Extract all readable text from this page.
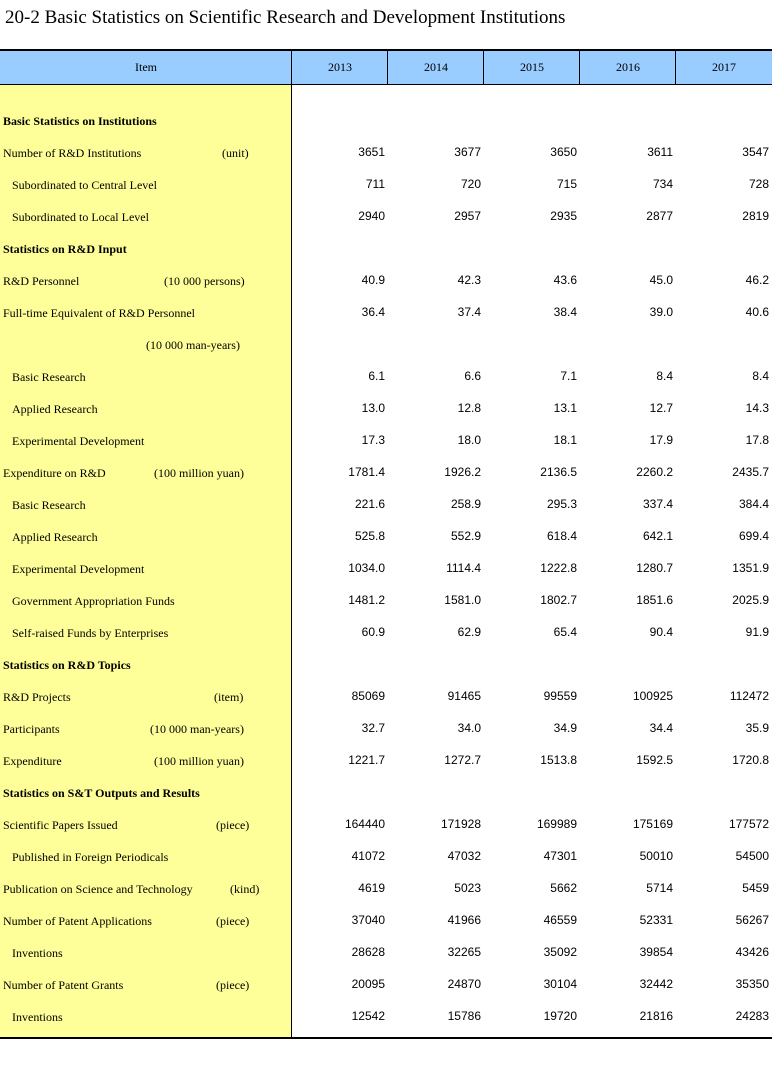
20-2 Basic Statistics on Scientific Research and Development Institutions
Item	2013	2014	2015	2016	2017
Basic Statistics on Institutions
Number of R&D Institutions	(unit)	3651	3677	3650	3611	3547
Subordinated to Central Level	711	720	715	734	728
Subordinated to Local Level	2940	2957	2935	2877	2819
Statistics on R&D Input
R&D Personnel	(10 000 persons)	40.9	42.3	43.6	45.0	46.2
Full-time Equivalent of R&D Personnel	36.4	37.4	38.4	39.0	40.6
(10 000 man-years)
Basic Research	6.1	6.6	7.1	8.4	8.4
Applied Research	13.0	12.8	13.1	12.7	14.3
Experimental Development	17.3	18.0	18.1	17.9	17.8
Expenditure on R&D	(100 million yuan)	1781.4	1926.2	2136.5	2260.2	2435.7
Basic Research	221.6	258.9	295.3	337.4	384.4
Applied Research	525.8	552.9	618.4	642.1	699.4
Experimental Development	1034.0	1114.4	1222.8	1280.7	1351.9
Government Appropriation Funds	1481.2	1581.0	1802.7	1851.6	2025.9
Self-raised Funds by Enterprises	60.9	62.9	65.4	90.4	91.9
Statistics on R&D Topics
R&D Projects	(item)	85069	91465	99559	100925	112472
Participants	(10 000 man-years)	32.7	34.0	34.9	34.4	35.9
Expenditure	(100 million yuan)	1221.7	1272.7	1513.8	1592.5	1720.8
Statistics on S&T Outputs and Results
Scientific Papers Issued	(piece)	164440	171928	169989	175169	177572
Published in Foreign Periodicals	41072	47032	47301	50010	54500
Publication on Science and Technology	(kind)	4619	5023	5662	5714	5459
Number of Patent Applications	(piece)	37040	41966	46559	52331	56267
Inventions	28628	32265	35092	39854	43426
Number of Patent Grants	(piece)	20095	24870	30104	32442	35350
Inventions	12542	15786	19720	21816	24283
